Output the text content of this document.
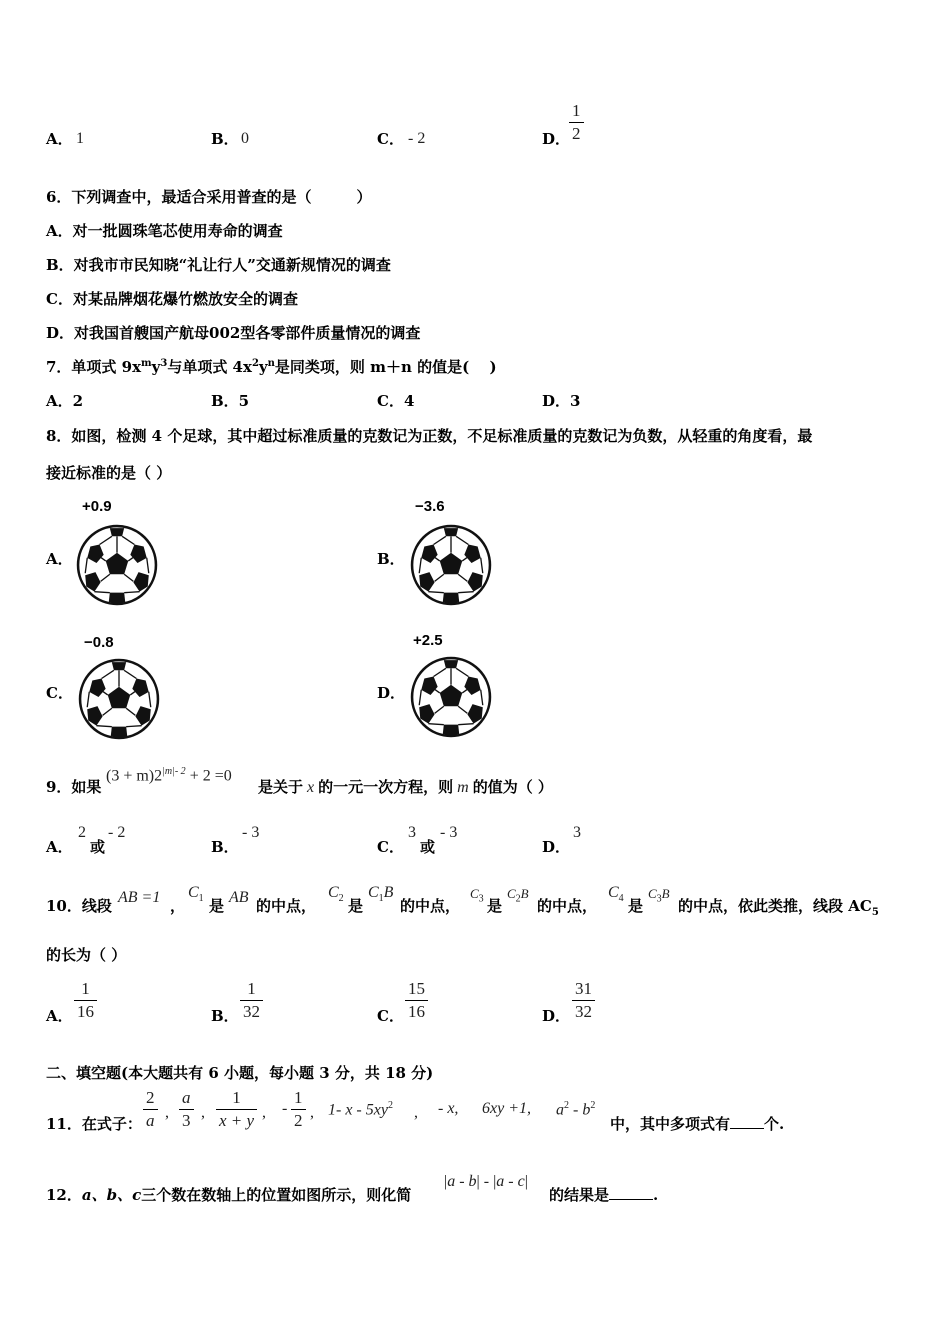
A． 1	B． 0	C． - 2	D．
$\frac{1}{2}$
6．下列调查中，最适合采用普查的是（　　　）
A．对一批圆珠笔芯使用寿命的调查
B．对我市市民知晓“礼让行人”交通新规情况的调查
C．对某品牌烟花爆竹燃放安全的调查
D．对我国首艘国产航母002型各零部件质量情况的调查
7．单项式 $9x^my^3$与单项式 $4x^2y^n$是同类项，则 m＋n 的值是(　 )
A．2	B．5	C．4	D．3
8．如图，检测 4 个足球，其中超过标准质量的克数记为正数，不足标准质量的克数记为负数，从轻重的角度看，最
接近标准的是（ ）
A．
+0.9
B．
−3.6
C．
−0.8
D．
+2.5
9．如果
$(3 + m)2^{|m|- 2} + 2 =0$
是关于 x 的一元一次方程，则 m 的值为（ ）
A．
2
或
- 2
B．
- 3
C．
3
或
- 3
D．
3
10．线段 AB =1 ，
$C_1$ 是 AB 的中点，
$C_2$ 是
$C_1B$
的中点，
$C_3$ 是
$C_2B$
的中点，
$C_4$ 是
$C_3B$
的中点，依此类推，线段 $AC_5$
的长为（ ）
A． $\frac{1}{16}$	B． $\frac{1}{32}$	C． $\frac{15}{16}$	D． $\frac{31}{32}$
二、填空题(本大题共有 6 小题，每小题 3 分，共 18 分)
11．在式子： $\frac{2}{a}$ , $\frac{a}{3}$ , $\frac{1}{x + y}$ , - $\frac{1}{2}$ , 1- x - $5xy^2$ , - x, 6xy +1, $a^2 - b^2$
中，其中多项式有 个.
12．a、b、c三个数在数轴上的位置如图所示，则化简
|a - b| - |a - c|
的结果是	.
